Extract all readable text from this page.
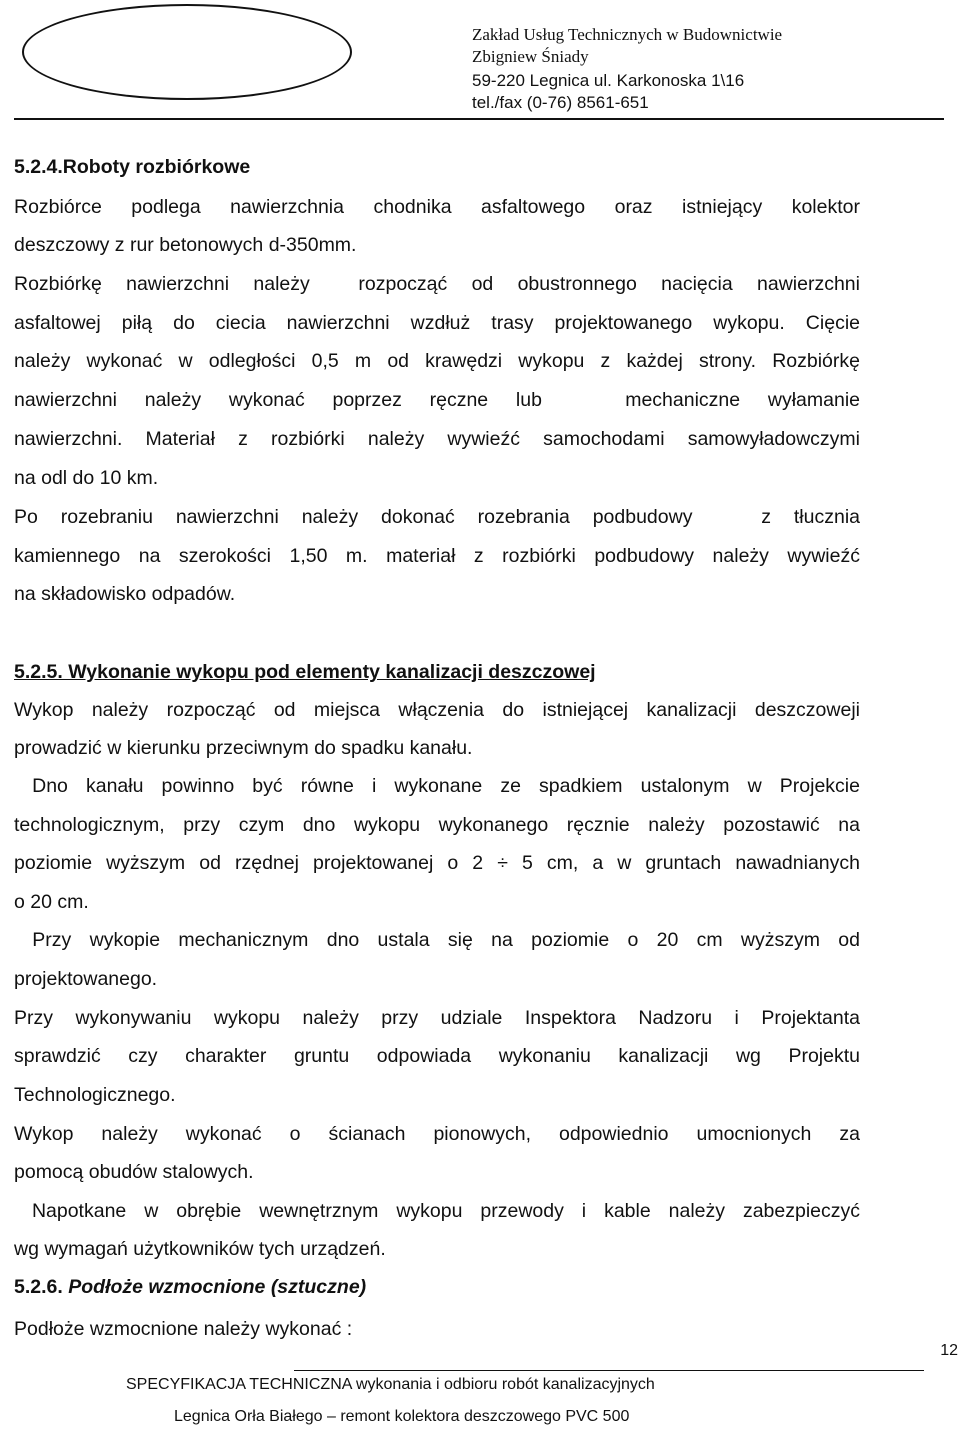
Zakład Usług Technicznych w Budownictwie
Zbigniew Śniady
59-220 Legnica ul. Karkonoska 1\16
tel./fax (0-76) 8561-651
5.2.4.Roboty rozbiórkowe
Rozbiórce podlega nawierzchnia chodnika asfaltowego oraz istniejący kolektor
deszczowy z rur betonowych d-350mm.
Rozbiórkę nawierzchni należy  rozpocząć od obustronnego nacięcia nawierzchni
asfaltowej piłą do ciecia nawierzchni wzdłuż trasy projektowanego wykopu. Cięcie
należy wykonać w odległości 0,5 m od krawędzi wykopu z każdej strony. Rozbiórkę
nawierzchni należy wykonać poprzez ręczne lub   mechaniczne wyłamanie
nawierzchni. Materiał z rozbiórki należy wywieźć samochodami samowyładowczymi
na odl do 10 km.
Po rozebraniu nawierzchni należy dokonać rozebrania podbudowy   z tłucznia
kamiennego na szerokości 1,50 m. materiał z rozbiórki podbudowy należy wywieźć
na składowisko odpadów.
5.2.5. Wykonanie wykopu pod elementy kanalizacji deszczowej
Wykop należy rozpocząć od miejsca włączenia do istniejącej kanalizacji deszczoweji
prowadzić w kierunku przeciwnym do spadku kanału.
Dno kanału powinno być równe i wykonane ze spadkiem ustalonym w Projekcie
technologicznym, przy czym dno wykopu wykonanego ręcznie należy pozostawić na
poziomie wyższym od rzędnej projektowanej o 2 ÷ 5 cm, a w gruntach nawadnianych
o 20 cm.
Przy wykopie mechanicznym dno ustala się na poziomie o 20 cm wyższym od
projektowanego.
Przy wykonywaniu wykopu należy przy udziale Inspektora Nadzoru i Projektanta
sprawdzić czy charakter gruntu odpowiada wykonaniu kanalizacji wg Projektu
Technologicznego.
Wykop należy wykonać o ścianach pionowych, odpowiednio umocnionych za
pomocą obudów stalowych.
Napotkane w obrębie wewnętrznym wykopu przewody i kable należy zabezpieczyć
wg wymagań użytkowników tych urządzeń.
5.2.6. Podłoże wzmocnione (sztuczne)
Podłoże wzmocnione należy wykonać :
12
SPECYFIKACJA TECHNICZNA wykonania i odbioru robót kanalizacyjnych
Legnica Orła Białego – remont kolektora deszczowego PVC 500
